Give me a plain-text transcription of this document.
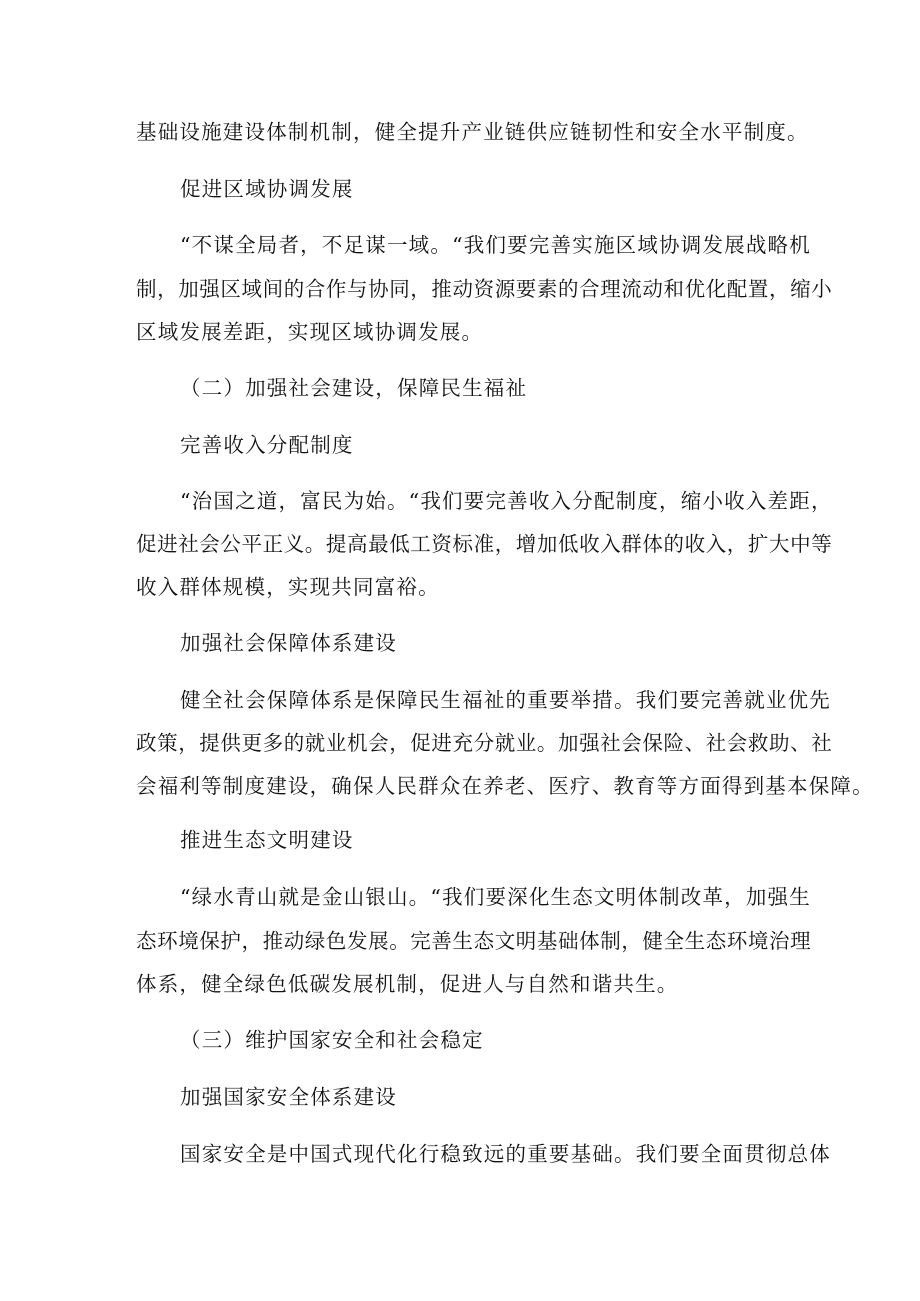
基础设施建设体制机制，健全提升产业链供应链韧性和安全水平制度。
促进区域协调发展
“不谋全局者，不足谋一域。“我们要完善实施区域协调发展战略机
制，加强区域间的合作与协同，推动资源要素的合理流动和优化配置，缩小
区域发展差距，实现区域协调发展。
（二）加强社会建设，保障民生福祉
完善收入分配制度
“治国之道，富民为始。“我们要完善收入分配制度，缩小收入差距，
促进社会公平正义。提高最低工资标准，增加低收入群体的收入，扩大中等
收入群体规模，实现共同富裕。
加强社会保障体系建设
健全社会保障体系是保障民生福祉的重要举措。我们要完善就业优先
政策，提供更多的就业机会，促进充分就业。加强社会保险、社会救助、社
会福利等制度建设，确保人民群众在养老、医疗、教育等方面得到基本保障。
推进生态文明建设
“绿水青山就是金山银山。“我们要深化生态文明体制改革，加强生
态环境保护，推动绿色发展。完善生态文明基础体制，健全生态环境治理
体系，健全绿色低碳发展机制，促进人与自然和谐共生。
（三）维护国家安全和社会稳定
加强国家安全体系建设
国家安全是中国式现代化行稳致远的重要基础。我们要全面贯彻总体
